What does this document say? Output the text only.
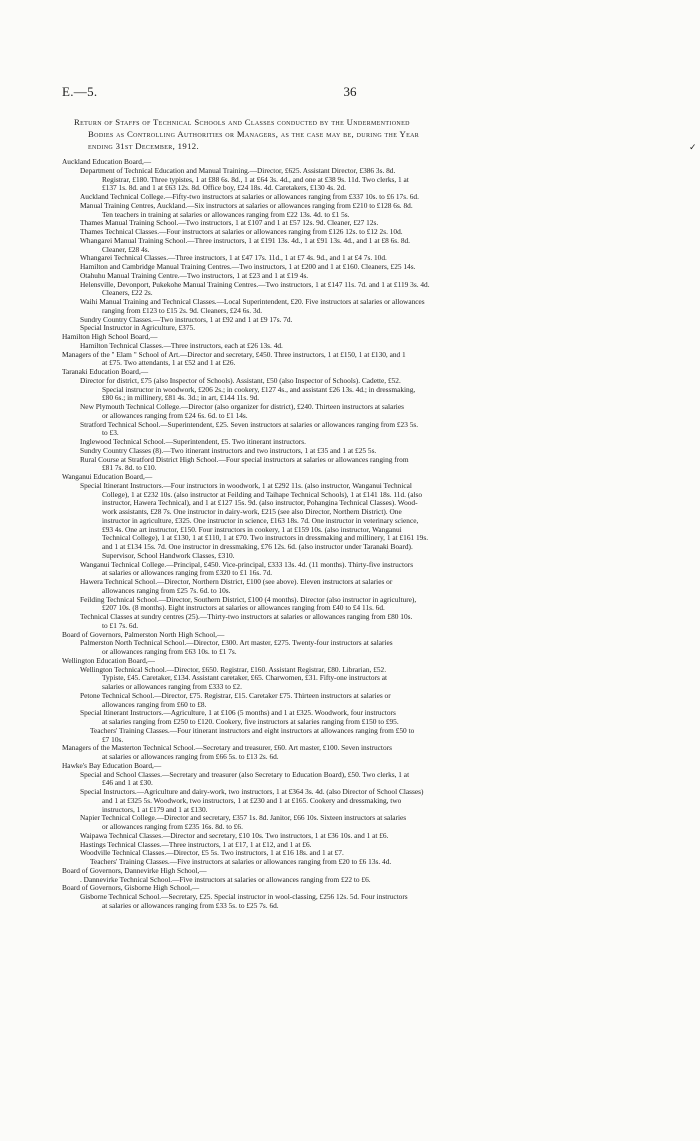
E.—5.	36
✓
Return of Staffs of Technical Schools and Classes conducted by the Undermentioned
Bodies as Controlling Authorities or Managers, as the case may be, during the Year
ending 31st December, 1912.
Auckland Education Board,—
Department of Technical Education and Manual Training.—Director, £625. Assistant Director, £386 3s. 8d.
Registrar, £180. Three typistes, 1 at £88 6s. 8d., 1 at £64 3s. 4d., and one at £38 9s. 11d. Two clerks, 1 at
£137 1s. 8d. and 1 at £63 12s. 8d. Office boy, £24 18s. 4d. Caretakers, £130 4s. 2d.
Auckland Technical College.—Fifty-two instructors at salaries or allowances ranging from £337 10s. to £6 17s. 6d.
Manual Training Centres, Auckland.—Six instructors at salaries or allowances ranging from £210 to £128 6s. 8d.
Ten teachers in training at salaries or allowances ranging from £22 13s. 4d. to £1 5s.
Thames Manual Training School.—Two instructors, 1 at £107 and 1 at £57 12s. 9d. Cleaner, £27 12s.
Thames Technical Classes.—Four instructors at salaries or allowances ranging from £126 12s. to £12 2s. 10d.
Whangarei Manual Training School.—Three instructors, 1 at £191 13s. 4d., 1 at £91 13s. 4d., and 1 at £8 6s. 8d.
Cleaner, £28 4s.
Whangarei Technical Classes.—Three instructors, 1 at £47 17s. 11d., 1 at £7 4s. 9d., and 1 at £4 7s. 10d.
Hamilton and Cambridge Manual Training Centres.—Two instructors, 1 at £200 and 1 at £160. Cleaners, £25 14s.
Otahuhu Manual Training Centre.—Two instructors, 1 at £23 and 1 at £19 4s.
Helensville, Devonport, Pukekohe Manual Training Centres.—Two instructors, 1 at £147 11s. 7d. and 1 at £119 3s. 4d.
Cleaners, £22 2s.
Waihi Manual Training and Technical Classes.—Local Superintendent, £20. Five instructors at salaries or allowances
ranging from £123 to £15 2s. 9d. Cleaners, £24 6s. 3d.
Sundry Country Classes.—Two instructors, 1 at £92 and 1 at £9 17s. 7d.
Special Instructor in Agriculture, £375.
Hamilton High School Board,—
Hamilton Technical Classes.—Three instructors, each at £26 13s. 4d.
Managers of the " Elam " School of Art.—Director and secretary, £450. Three instructors, 1 at £150, 1 at £130, and 1
at £75. Two attendants, 1 at £52 and 1 at £26.
Taranaki Education Board,—
Director for district, £75 (also Inspector of Schools). Assistant, £50 (also Inspector of Schools). Cadette, £52.
Special instructor in woodwork, £206 2s.; in cookery, £127 4s., and assistant £26 13s. 4d.; in dressmaking,
£80 6s.; in millinery, £81 4s. 3d.; in art, £144 11s. 9d.
New Plymouth Technical College.—Director (also organizer for district), £240. Thirteen instructors at salaries
or allowances ranging from £24 6s. 6d. to £1 14s.
Stratford Technical School.—Superintendent, £25. Seven instructors at salaries or allowances ranging from £23 5s.
to £3.
Inglewood Technical School.—Superintendent, £5. Two itinerant instructors.
Sundry Country Classes (8).—Two itinerant instructors and two instructors, 1 at £35 and 1 at £25 5s.
Rural Course at Stratford District High School.—Four special instructors at salaries or allowances ranging from
£81 7s. 8d. to £10.
Wanganui Education Board,—
Special Itinerant Instructors.—Four instructors in woodwork, 1 at £292 11s. (also instructor, Wanganui Technical
College), 1 at £232 10s. (also instructor at Feilding and Taihape Technical Schools), 1 at £141 18s. 11d. (also
instructor, Hawera Technical), and 1 at £127 15s. 9d. (also instructor, Pohangina Technical Classes). Wood-
work assistants, £28 7s. One instructor in dairy-work, £215 (see also Director, Northern District). One
instructor in agriculture, £325. One instructor in science, £163 18s. 7d. One instructor in veterinary science,
£93 4s. One art instructor, £150. Four instructors in cookery, 1 at £159 10s. (also instructor, Wanganui
Technical College), 1 at £130, 1 at £110, 1 at £70. Two instructors in dressmaking and millinery, 1 at £161 19s.
and 1 at £134 15s. 7d. One instructor in dressmaking, £76 12s. 6d. (also instructor under Taranaki Board).
Supervisor, School Handwork Classes, £310.
Wanganui Technical College.—Principal, £450. Vice-principal, £333 13s. 4d. (11 months). Thirty-five instructors
at salaries or allowances ranging from £320 to £1 16s. 7d.
Hawera Technical School.—Director, Northern District, £100 (see above). Eleven instructors at salaries or
allowances ranging from £25 7s. 6d. to 10s.
Feilding Technical School.—Director, Southern District, £100 (4 months). Director (also instructor in agriculture),
£207 10s. (8 months). Eight instructors at salaries or allowances ranging from £40 to £4 11s. 6d.
Technical Classes at sundry centres (25).—Thirty-two instructors at salaries or allowances ranging from £80 10s.
to £1 7s. 6d.
Board of Governors, Palmerston North High School,—
Palmerston North Technical School.—Director, £300. Art master, £275. Twenty-four instructors at salaries
or allowances ranging from £63 10s. to £1 7s.
Wellington Education Board,—
Wellington Technical School.—Director, £650. Registrar, £160. Assistant Registrar, £80. Librarian, £52.
Typiste, £45. Caretaker, £134. Assistant caretaker, £65. Charwomen, £31. Fifty-one instructors at
salaries or allowances ranging from £333 to £2.
Petone Technical School.—Director, £75. Registrar, £15. Caretaker £75. Thirteen instructors at salaries or
allowances ranging from £60 to £8.
Special Itinerant Instructors.—Agriculture, 1 at £106 (5 months) and 1 at £325. Woodwork, four instructors
at salaries ranging from £250 to £120. Cookery, five instructors at salaries ranging from £150 to £95.
Teachers' Training Classes.—Four itinerant instructors and eight instructors at allowances ranging from £50 to
£7 10s.
Managers of the Masterton Technical School.—Secretary and treasurer, £60. Art master, £100. Seven instructors
at salaries or allowances ranging from £66 5s. to £13 2s. 6d.
Hawke's Bay Education Board,—
Special and School Classes.—Secretary and treasurer (also Secretary to Education Board), £50. Two clerks, 1 at
£46 and 1 at £30.
Special Instructors.—Agriculture and dairy-work, two instructors, 1 at £364 3s. 4d. (also Director of School Classes)
and 1 at £325 5s. Woodwork, two instructors, 1 at £230 and 1 at £165. Cookery and dressmaking, two
instructors, 1 at £179 and 1 at £130.
Napier Technical College.—Director and secretary, £357 1s. 8d. Janitor, £66 10s. Sixteen instructors at salaries
or allowances ranging from £235 16s. 8d. to £6.
Waipawa Technical Classes.—Director and secretary, £10 10s. Two instructors, 1 at £36 10s. and 1 at £6.
Hastings Technical Classes.—Three instructors, 1 at £17, 1 at £12, and 1 at £6.
Woodville Technical Classes.—Director, £5 5s. Two instructors, 1 at £16 18s. and 1 at £7.
Teachers' Training Classes.—Five instructors at salaries or allowances ranging from £20 to £6 13s. 4d.
Board of Governors, Dannevirke High School,—
. Dannevirke Technical School.—Five instructors at salaries or allowances ranging from £22 to £6.
Board of Governors, Gisborne High School,—
Gisborne Technical School.—Secretary, £25. Special instructor in wool-classing, £256 12s. 5d. Four instructors
at salaries or allowances ranging from £33 5s. to £25 7s. 6d.
